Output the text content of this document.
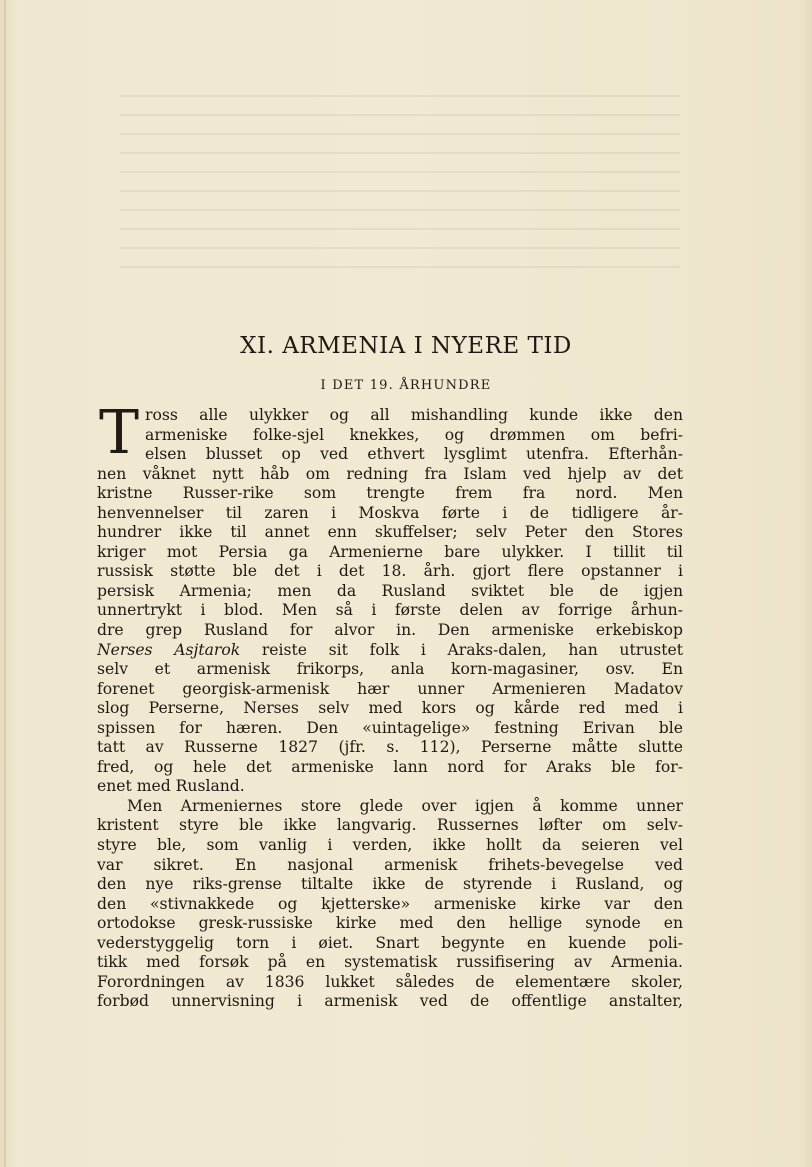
XI. ARMENIA I NYERE TID
I DET 19. ÅRHUNDRE

T ross alle ulykker og all mishandling kunde ikke den
armeniske folke-sjel knekkes, og drømmen om befri-
elsen blusset op ved ethvert lysglimt utenfra. Efterhån-
nen våknet nytt håb om redning fra Islam ved hjelp av det
kristne Russer-rike som trengte frem fra nord. Men
henvennelser til zaren i Moskva førte i de tidligere år-
hundrer ikke til annet enn skuffelser; selv Peter den Stores
kriger mot Persia ga Armenierne bare ulykker. I tillit til
russisk støtte ble det i det 18. årh. gjort flere opstanner i
persisk Armenia; men da Rusland sviktet ble de igjen
unnertrykt i blod. Men så i første delen av forrige århun-
dre grep Rusland for alvor in. Den armeniske erkebiskop
Nerses Asjtarok reiste sit folk i Araks-dalen, han utrustet
selv et armenisk frikorps, anla korn-magasiner, osv. En
forenet georgisk-armenisk hær unner Armenieren Madatov
slog Perserne, Nerses selv med kors og kårde red med i
spissen for hæren. Den «uintagelige» festning Erivan ble
tatt av Russerne 1827 (jfr. s. 112), Perserne måtte slutte
fred, og hele det armeniske lann nord for Araks ble for-
enet med Rusland.

Men Armeniernes store glede over igjen å komme unner
kristent styre ble ikke langvarig. Russernes løfter om selv-
styre ble, som vanlig i verden, ikke hollt da seieren vel
var sikret. En nasjonal armenisk frihets-bevegelse ved
den nye riks-grense tiltalte ikke de styrende i Rusland, og
den «stivnakkede og kjetterske» armeniske kirke var den
ortodokse gresk-russiske kirke med den hellige synode en
vederstyggelig torn i øiet. Snart begynte en kuende poli-
tikk med forsøk på en systematisk russifisering av Armenia.
Forordningen av 1836 lukket således de elementære skoler,
forbød unnervisning i armenisk ved de offentlige anstalter,
